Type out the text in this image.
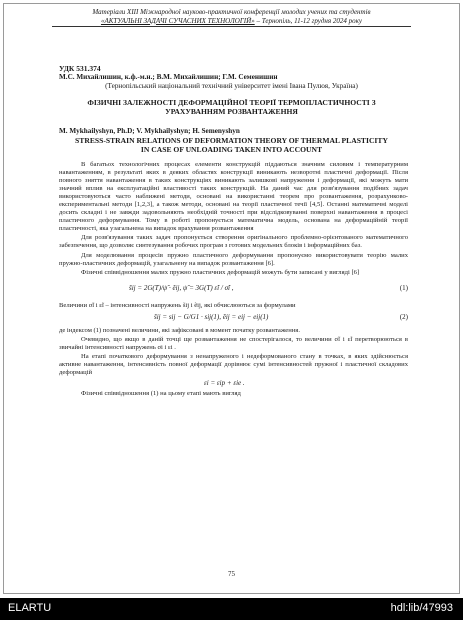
Матеріали XIII Міжнародної науково-практичної конференції молодих учених та студентів
«АКТУАЛЬНІ ЗАДАЧІ СУЧАСНИХ ТЕХНОЛОГІЙ» – Тернопіль, 11-12 грудня 2024 року
УДК 531.374
М.С. Михайлишин, к.ф.-м.н.; В.М. Михайлишин; Г.М. Семенишин
(Тернопільський національний технічний університет імені Івана Пулюя, Україна)
ФІЗИЧНІ ЗАЛЕЖНОСТІ ДЕФОРМАЦІЙНОЇ ТЕОРІЇ ТЕРМОПЛАСТИЧНОСТІ З УРАХУВАННЯМ РОЗВАНТАЖЕННЯ
M. Mykhailyshyn, Ph.D; V. Mykhailyshyn; H. Semenyshyn
STRESS-STRAIN RELATIONS OF DEFORMATION THEORY OF THERMAL PLASTICITY IN CASE OF UNLOADING TAKEN INTO ACCOUNT

В багатьох технологічних процесах елементи конструкцій піддаються значним силовим і температурним навантаженням, в результаті яких в деяких областях конструкції виникають незворотні пластичні деформації. Після повного зняття навантаження в таких конструкціях виникають залишкові напруження і деформації, які можуть мати значний вплив на експлуатаційні властивості таких конструкцій. На даний час для розв'язування подібних задач використовуються часто наближені методи, основані на використанні теорем про розвантаження, розрахунково-експериментальні методи [1,2,3], а також методи, основані на теорії пластичної течії [4,5]. Останні математичні моделі досить складні і не завжди задовольняють необхідній точності при відслідковуванні поверхні навантаження в процесі пластичного деформування. Тому в роботі пропонується математична модель, основана на деформаційній теорії пластичності, яка узагальнена на випадок врахування розвантаження

Для розв'язування таких задач пропонується створення оригінального проблемно-орієнтованого математичного забезпечення, що дозволяє синтезування робочих програм з готових модельних блоків і інформаційних баз.

Для моделювання процесів пружно пластичного деформування пропонуємо використовувати теорію малих пружно-пластичних деформацій, узагальнену на випадок розвантаження [6].

Фізичні співвідношення малих пружно пластичних деформацій можуть бути записані у вигляді [6]

s̃ij = 2G(T)/ψ̃ · ẽij, ψ̃ = 3G(T) ε̃i / σ̃i ,	(1)

Величини σ̃i і ε̃i – інтенсивності напружень s̃ij і ẽij, які обчислюються за формулами

s̃ij = sij − G/G1 · sij(1), ẽij = eij − eij(1)	(2)

де індексом (1) позначені величини, які зафіксовані в момент початку розвантаження.

Очевидно, що якщо в даній точці ще розвантаження не спостерігалося, то величини σ̃i і ε̃i перетворюються в звичайні інтенсивності напружень σi і εi .

На етапі початкового деформування з ненапруженого і недеформованого стану в точках, в яких здійснюється активне навантаження, інтенсивність повної деформації дорівнює сумі інтенсивностей пружної і пластичної складових деформацій

εi = εip + εie .

Фізичні співвідношення (1) на цьому етапі мають вигляд

75
ELARTU	hdl:lib/47993
